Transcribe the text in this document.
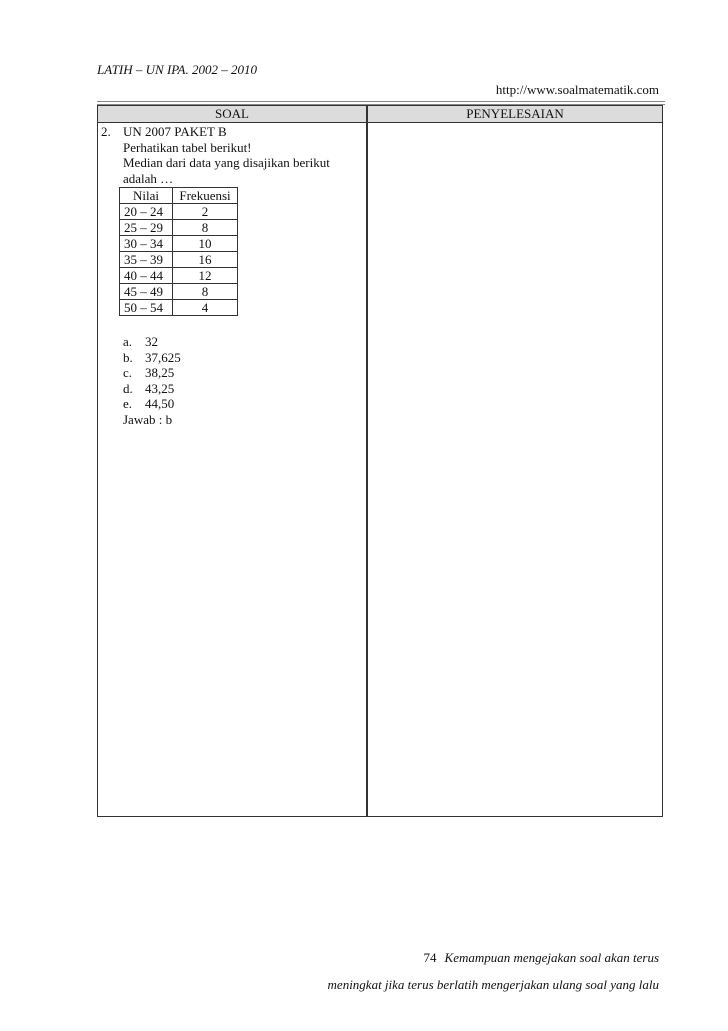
LATIH – UN IPA. 2002 – 2010
http://www.soalmatematik.com
SOAL	PENYELESAIAN
2. UN 2007 PAKET B

Perhatikan tabel berikut!

Median dari data yang disajikan berikut

adalah …

Nilai	Frekuensi
20 – 24	2
25 – 29	8
30 – 34	10
35 – 39	16
40 – 44	12
45 – 49	8
50 – 54	4
a. 32
b. 37,625
c. 38,25
d. 43,25
e. 44,50

Jawab : b

74 Kemampuan mengejakan soal akan terus
meningkat jika terus berlatih mengerjakan ulang soal yang lalu
